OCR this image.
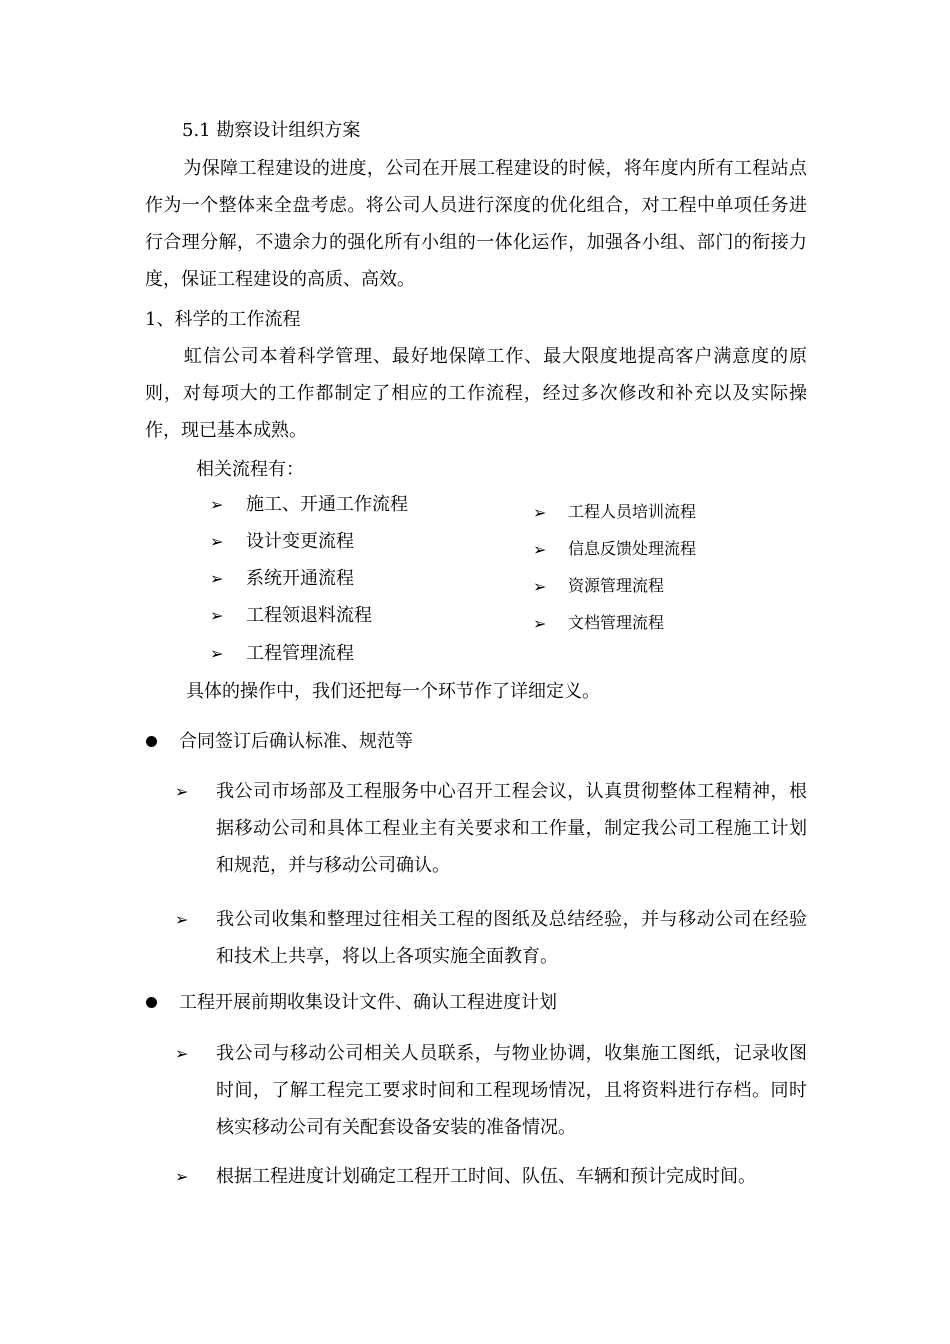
5.1 勘察设计组织方案
为保障工程建设的进度，公司在开展工程建设的时候，将年度内所有工程站点作为一个整体来全盘考虑。将公司人员进行深度的优化组合，对工程中单项任务进行合理分解，不遗余力的强化所有小组的一体化运作，加强各小组、部门的衔接力度，保证工程建设的高质、高效。
1、科学的工作流程
虹信公司本着科学管理、最好地保障工作、最大限度地提高客户满意度的原则，对每项大的工作都制定了相应的工作流程，经过多次修改和补充以及实际操作，现已基本成熟。
相关流程有：
➢ 施工、开通工作流程
➢ 设计变更流程
➢ 系统开通流程
➢ 工程领退料流程
➢ 工程管理流程
➢ 工程人员培训流程
➢ 信息反馈处理流程
➢ 资源管理流程
➢ 文档管理流程
具体的操作中，我们还把每一个环节作了详细定义。
合同签订后确认标准、规范等
➢ 我公司市场部及工程服务中心召开工程会议，认真贯彻整体工程精神，根据移动公司和具体工程业主有关要求和工作量，制定我公司工程施工计划和规范，并与移动公司确认。
➢ 我公司收集和整理过往相关工程的图纸及总结经验，并与移动公司在经验和技术上共享，将以上各项实施全面教育。
工程开展前期收集设计文件、确认工程进度计划
➢ 我公司与移动公司相关人员联系，与物业协调，收集施工图纸，记录收图时间，了解工程完工要求时间和工程现场情况，且将资料进行存档。同时核实移动公司有关配套设备安装的准备情况。
➢ 根据工程进度计划确定工程开工时间、队伍、车辆和预计完成时间。
